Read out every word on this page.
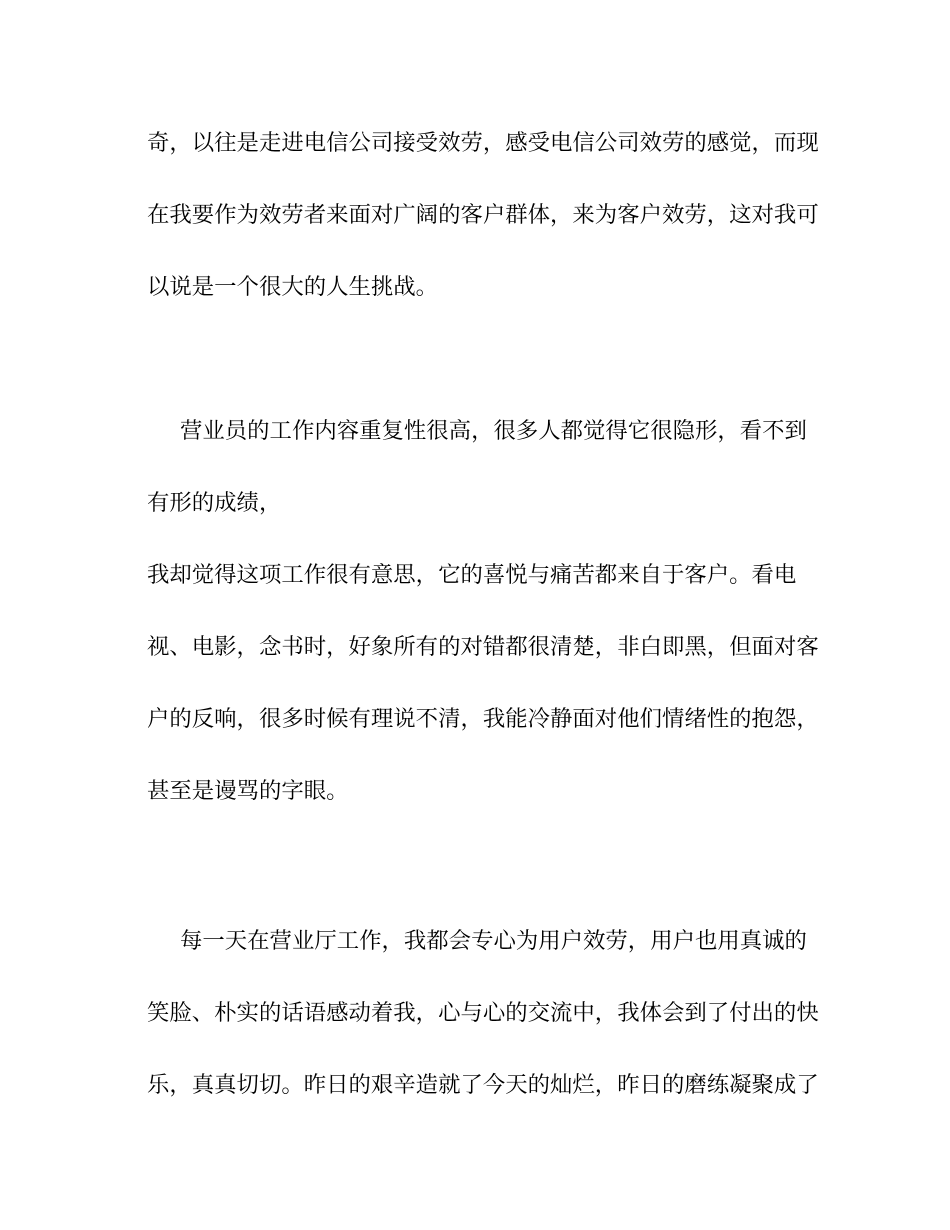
奇，以往是走进电信公司接受效劳，感受电信公司效劳的感觉，而现
在我要作为效劳者来面对广阔的客户群体，来为客户效劳，这对我可
以说是一个很大的人生挑战。
营业员的工作内容重复性很高，很多人都觉得它很隐形，看不到
有形的成绩，
我却觉得这项工作很有意思，它的喜悦与痛苦都来自于客户。看电
视、电影，念书时，好象所有的对错都很清楚，非白即黑，但面对客
户的反响，很多时候有理说不清，我能冷静面对他们情绪性的抱怨，
甚至是谩骂的字眼。
每一天在营业厅工作，我都会专心为用户效劳，用户也用真诚的
笑脸、朴实的话语感动着我，心与心的交流中，我体会到了付出的快
乐，真真切切。昨日的艰辛造就了今天的灿烂，昨日的磨练凝聚成了
